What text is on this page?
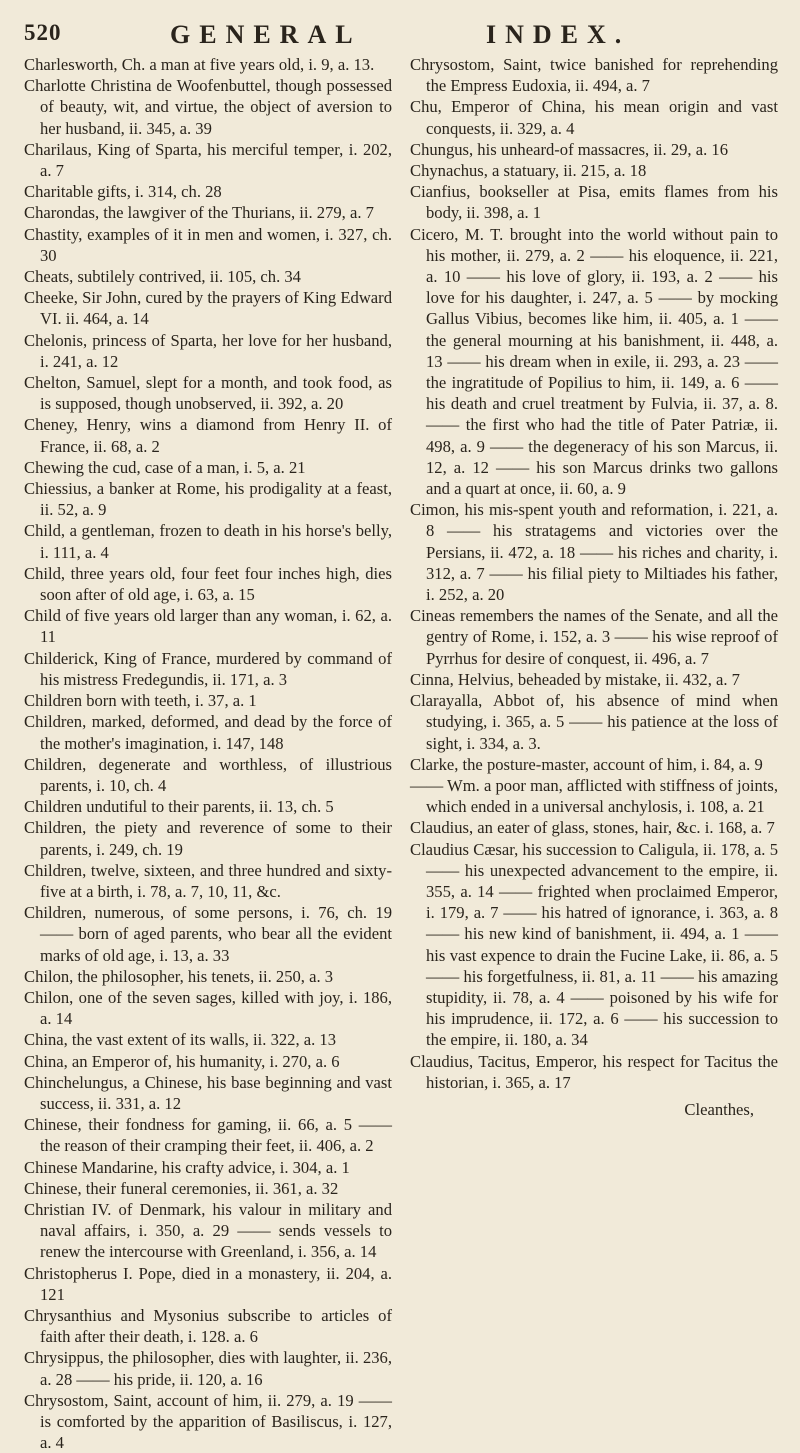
520	GENERAL	INDEX.

Charlesworth, Ch. a man at five years old, i. 9, a. 13.

Charlotte Christina de Woofenbuttel, though possessed of beauty, wit, and virtue, the object of aversion to her husband, ii. 345, a. 39

Charilaus, King of Sparta, his merciful temper, i. 202, a. 7

Charitable gifts, i. 314, ch. 28

Charondas, the lawgiver of the Thurians, ii. 279, a. 7

Chastity, examples of it in men and women, i. 327, ch. 30

Cheats, subtilely contrived, ii. 105, ch. 34

Cheeke, Sir John, cured by the prayers of King Edward VI. ii. 464, a. 14

Chelonis, princess of Sparta, her love for her husband, i. 241, a. 12

Chelton, Samuel, slept for a month, and took food, as is supposed, though unobserved, ii. 392, a. 20

Cheney, Henry, wins a diamond from Henry II. of France, ii. 68, a. 2

Chewing the cud, case of a man, i. 5, a. 21

Chiessius, a banker at Rome, his prodigality at a feast, ii. 52, a. 9

Child, a gentleman, frozen to death in his horse's belly, i. 111, a. 4

Child, three years old, four feet four inches high, dies soon after of old age, i. 63, a. 15

Child of five years old larger than any woman, i. 62, a. 11

Childerick, King of France, murdered by command of his mistress Fredegundis, ii. 171, a. 3

Children born with teeth, i. 37, a. 1

Children, marked, deformed, and dead by the force of the mother's imagination, i. 147, 148

Children, degenerate and worthless, of illustrious parents, i. 10, ch. 4

Children undutiful to their parents, ii. 13, ch. 5

Children, the piety and reverence of some to their parents, i. 249, ch. 19

Children, twelve, sixteen, and three hundred and sixty-five at a birth, i. 78, a. 7, 10, 11, &c.

Children, numerous, of some persons, i. 76, ch. 19 —— born of aged parents, who bear all the evident marks of old age, i. 13, a. 33

Chilon, the philosopher, his tenets, ii. 250, a. 3

Chilon, one of the seven sages, killed with joy, i. 186, a. 14

China, the vast extent of its walls, ii. 322, a. 13

China, an Emperor of, his humanity, i. 270, a. 6

Chinchelungus, a Chinese, his base beginning and vast success, ii. 331, a. 12

Chinese, their fondness for gaming, ii. 66, a. 5 —— the reason of their cramping their feet, ii. 406, a. 2

Chinese Mandarine, his crafty advice, i. 304, a. 1

Chinese, their funeral ceremonies, ii. 361, a. 32

Christian IV. of Denmark, his valour in military and naval affairs, i. 350, a. 29 —— sends vessels to renew the intercourse with Greenland, i. 356, a. 14

Christopherus I. Pope, died in a monastery, ii. 204, a. 121

Chrysanthius and Mysonius subscribe to articles of faith after their death, i. 128. a. 6

Chrysippus, the philosopher, dies with laughter, ii. 236, a. 28 —— his pride, ii. 120, a. 16

Chrysostom, Saint, account of him, ii. 279, a. 19 —— is comforted by the apparition of Basiliscus, i. 127, a. 4

Chrysostom, Saint, twice banished for reprehending the Empress Eudoxia, ii. 494, a. 7

Chu, Emperor of China, his mean origin and vast conquests, ii. 329, a. 4

Chungus, his unheard-of massacres, ii. 29, a. 16

Chynachus, a statuary, ii. 215, a. 18

Cianfius, bookseller at Pisa, emits flames from his body, ii. 398, a. 1

Cicero, M. T. brought into the world without pain to his mother, ii. 279, a. 2 —— his eloquence, ii. 221, a. 10 —— his love of glory, ii. 193, a. 2 —— his love for his daughter, i. 247, a. 5 —— by mocking Gallus Vibius, becomes like him, ii. 405, a. 1 —— the general mourning at his banishment, ii. 448, a. 13 —— his dream when in exile, ii. 293, a. 23 —— the ingratitude of Popilius to him, ii. 149, a. 6 —— his death and cruel treatment by Fulvia, ii. 37, a. 8. —— the first who had the title of Pater Patriæ, ii. 498, a. 9 —— the degeneracy of his son Marcus, ii. 12, a. 12 —— his son Marcus drinks two gallons and a quart at once, ii. 60, a. 9

Cimon, his mis-spent youth and reformation, i. 221, a. 8 —— his stratagems and victories over the Persians, ii. 472, a. 18 —— his riches and charity, i. 312, a. 7 —— his filial piety to Miltiades his father, i. 252, a. 20

Cineas remembers the names of the Senate, and all the gentry of Rome, i. 152, a. 3 —— his wise reproof of Pyrrhus for desire of conquest, ii. 496, a. 7

Cinna, Helvius, beheaded by mistake, ii. 432, a. 7

Clarayalla, Abbot of, his absence of mind when studying, i. 365, a. 5 —— his patience at the loss of sight, i. 334, a. 3.

Clarke, the posture-master, account of him, i. 84, a. 9

—— Wm. a poor man, afflicted with stiffness of joints, which ended in a universal anchylosis, i. 108, a. 21

Claudius, an eater of glass, stones, hair, &c. i. 168, a. 7

Claudius Cæsar, his succession to Caligula, ii. 178, a. 5 —— his unexpected advancement to the empire, ii. 355, a. 14 —— frighted when proclaimed Emperor, i. 179, a. 7 —— his hatred of ignorance, i. 363, a. 8 —— his new kind of banishment, ii. 494, a. 1 —— his vast expence to drain the Fucine Lake, ii. 86, a. 5 —— his forgetfulness, ii. 81, a. 11 —— his amazing stupidity, ii. 78, a. 4 —— poisoned by his wife for his imprudence, ii. 172, a. 6 —— his succession to the empire, ii. 180, a. 34

Claudius, Tacitus, Emperor, his respect for Tacitus the historian, i. 365, a. 17

Cleanthes,
